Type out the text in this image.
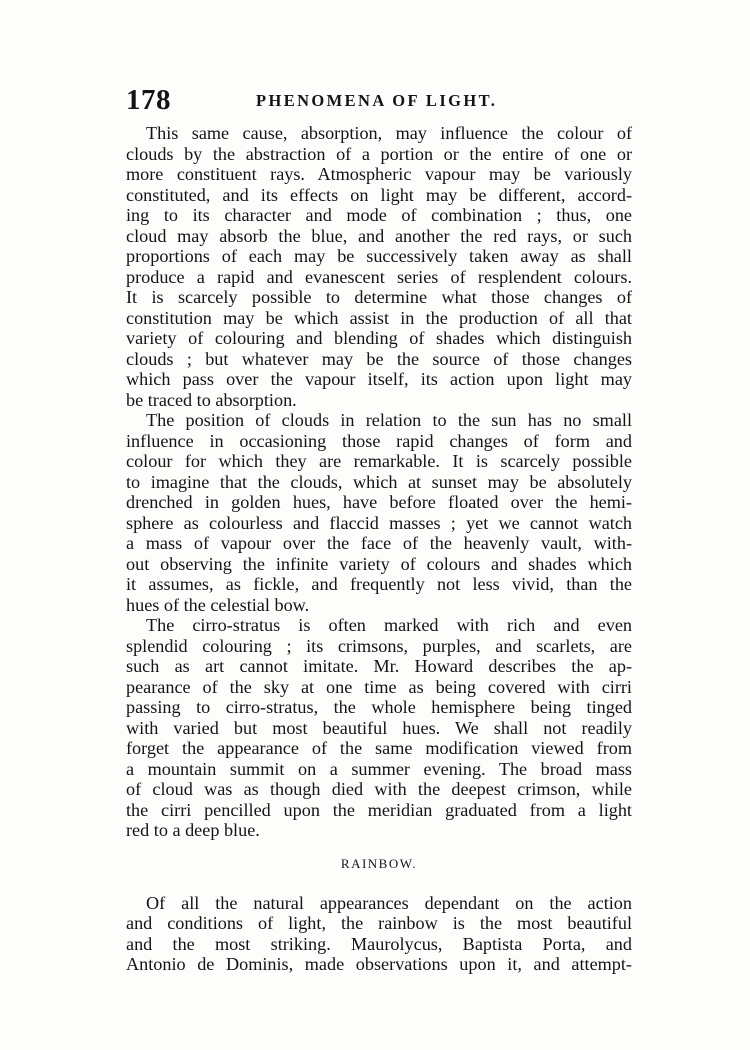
178	PHENOMENA OF LIGHT.
This same cause, absorption, may influence the colour of
clouds by the abstraction of a portion or the entire of one or
more constituent rays. Atmospheric vapour may be variously
constituted, and its effects on light may be different, accord-
ing to its character and mode of combination ; thus, one
cloud may absorb the blue, and another the red rays, or such
proportions of each may be successively taken away as shall
produce a rapid and evanescent series of resplendent colours.
It is scarcely possible to determine what those changes of
constitution may be which assist in the production of all that
variety of colouring and blending of shades which distinguish
clouds ; but whatever may be the source of those changes
which pass over the vapour itself, its action upon light may
be traced to absorption.
The position of clouds in relation to the sun has no small
influence in occasioning those rapid changes of form and
colour for which they are remarkable. It is scarcely possible
to imagine that the clouds, which at sunset may be absolutely
drenched in golden hues, have before floated over the hemi-
sphere as colourless and flaccid masses ; yet we cannot watch
a mass of vapour over the face of the heavenly vault, with-
out observing the infinite variety of colours and shades which
it assumes, as fickle, and frequently not less vivid, than the
hues of the celestial bow.
The cirro-stratus is often marked with rich and even
splendid colouring ; its crimsons, purples, and scarlets, are
such as art cannot imitate. Mr. Howard describes the ap-
pearance of the sky at one time as being covered with cirri
passing to cirro-stratus, the whole hemisphere being tinged
with varied but most beautiful hues. We shall not readily
forget the appearance of the same modification viewed from
a mountain summit on a summer evening. The broad mass
of cloud was as though died with the deepest crimson, while
the cirri pencilled upon the meridian graduated from a light
red to a deep blue.
RAINBOW.
Of all the natural appearances dependant on the action
and conditions of light, the rainbow is the most beautiful
and the most striking. Maurolycus, Baptista Porta, and
Antonio de Dominis, made observations upon it, and attempt-
